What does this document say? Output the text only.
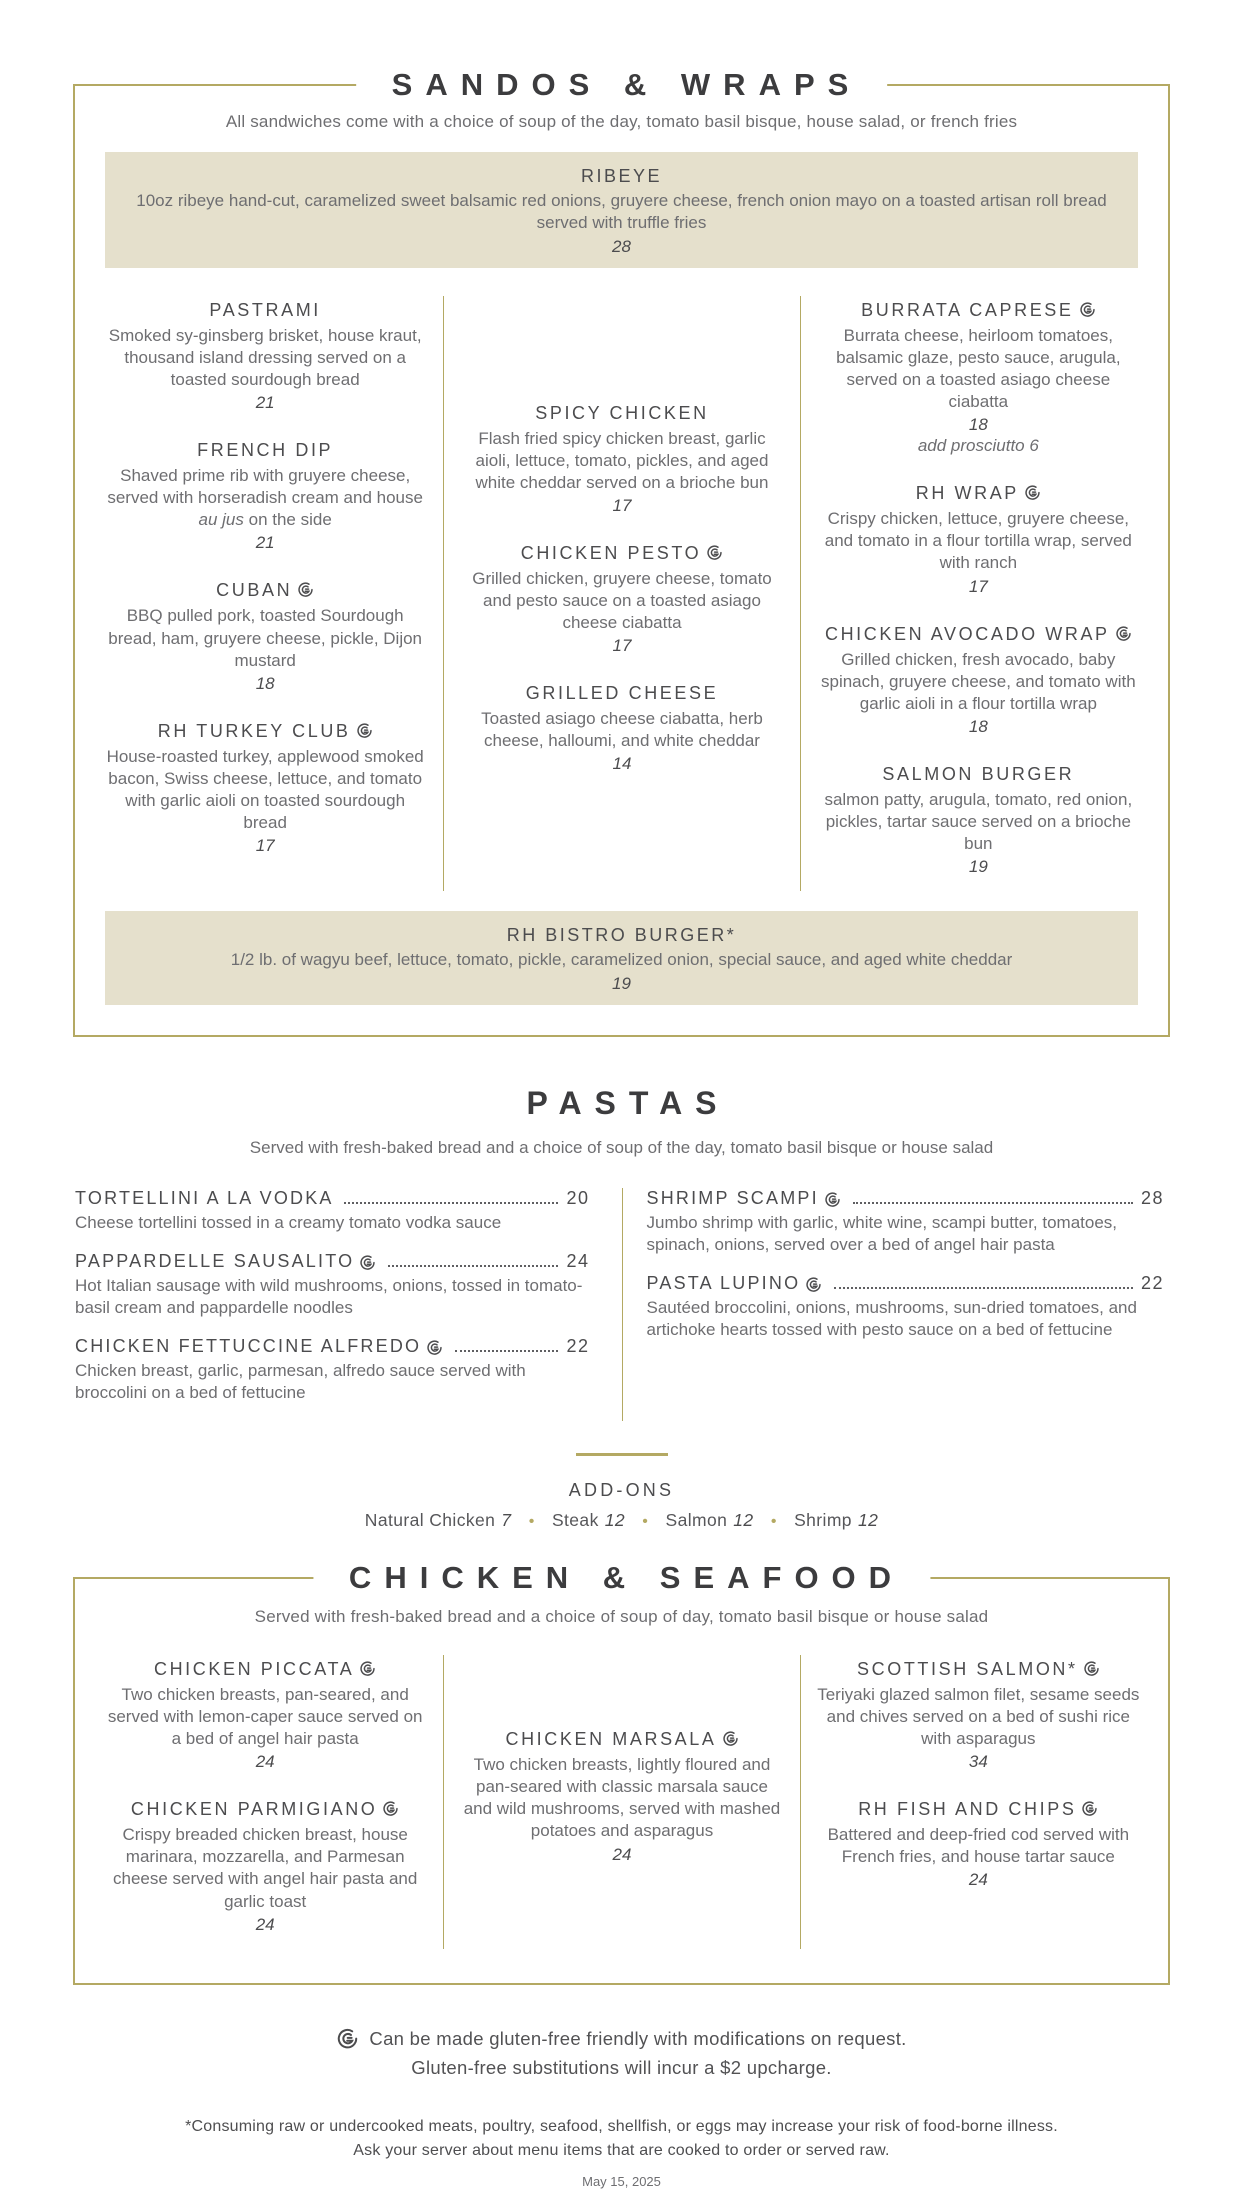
SANDOS & WRAPS
All sandwiches come with a choice of soup of the day, tomato basil bisque, house salad, or french fries
RIBEYE
10oz ribeye hand-cut, caramelized sweet balsamic red onions, gruyere cheese, french onion mayo on a toasted artisan roll bread served with truffle fries
28
PASTRAMI
Smoked sy-ginsberg brisket, house kraut, thousand island dressing served on a toasted sourdough bread
21
FRENCH DIP
Shaved prime rib with gruyere cheese, served with horseradish cream and house au jus on the side
21
CUBAN
BBQ pulled pork, toasted Sourdough bread, ham, gruyere cheese, pickle, Dijon mustard
18
RH TURKEY CLUB
House-roasted turkey, applewood smoked bacon, Swiss cheese, lettuce, and tomato with garlic aioli on toasted sourdough bread
17
SPICY CHICKEN
Flash fried spicy chicken breast, garlic aioli, lettuce, tomato, pickles, and aged white cheddar served on a brioche bun
17
CHICKEN PESTO
Grilled chicken, gruyere cheese, tomato and pesto sauce on a toasted asiago cheese ciabatta
17
GRILLED CHEESE
Toasted asiago cheese ciabatta, herb cheese, halloumi, and white cheddar
14
BURRATA CAPRESE
Burrata cheese, heirloom tomatoes, balsamic glaze, pesto sauce, arugula, served on a toasted asiago cheese ciabatta
18
add prosciutto 6
RH WRAP
Crispy chicken, lettuce, gruyere cheese, and tomato in a flour tortilla wrap, served with ranch
17
CHICKEN AVOCADO WRAP
Grilled chicken, fresh avocado, baby spinach, gruyere cheese, and tomato with garlic aioli in a flour tortilla wrap
18
SALMON BURGER
salmon patty, arugula, tomato, red onion, pickles, tartar sauce served on a brioche bun
19
RH BISTRO BURGER*
1/2 lb. of wagyu beef, lettuce, tomato, pickle, caramelized onion, special sauce, and aged white cheddar
19
PASTAS
Served with fresh-baked bread and a choice of soup of the day, tomato basil bisque or house salad
TORTELLINI A LA VODKA	20
Cheese tortellini tossed in a creamy tomato vodka sauce
PAPPARDELLE SAUSALITO	24
Hot Italian sausage with wild mushrooms, onions, tossed in tomato-basil cream and pappardelle noodles
CHICKEN FETTUCCINE ALFREDO	22
Chicken breast, garlic, parmesan, alfredo sauce served with broccolini on a bed of fettucine
SHRIMP SCAMPI	28
Jumbo shrimp with garlic, white wine, scampi butter, tomatoes, spinach, onions, served over a bed of angel hair pasta
PASTA LUPINO	22
Sautéed broccolini, onions, mushrooms, sun-dried tomatoes, and artichoke hearts tossed with pesto sauce on a bed of fettucine
ADD-ONS
Natural Chicken 7 • Steak 12 • Salmon 12 • Shrimp 12
CHICKEN & SEAFOOD
Served with fresh-baked bread and a choice of soup of day, tomato basil bisque or house salad
CHICKEN PICCATA
Two chicken breasts, pan-seared, and served with lemon-caper sauce served on a bed of angel hair pasta
24
CHICKEN PARMIGIANO
Crispy breaded chicken breast, house marinara, mozzarella, and Parmesan cheese served with angel hair pasta and garlic toast
24
CHICKEN MARSALA
Two chicken breasts, lightly floured and pan-seared with classic marsala sauce and wild mushrooms, served with mashed potatoes and asparagus
24
SCOTTISH SALMON*
Teriyaki glazed salmon filet, sesame seeds and chives served on a bed of sushi rice with asparagus
34
RH FISH AND CHIPS
Battered and deep-fried cod served with French fries, and house tartar sauce
24
Can be made gluten-free friendly with modifications on request.
Gluten-free substitutions will incur a $2 upcharge.
*Consuming raw or undercooked meats, poultry, seafood, shellfish, or eggs may increase your risk of food-borne illness.
Ask your server about menu items that are cooked to order or served raw.
May 15, 2025
